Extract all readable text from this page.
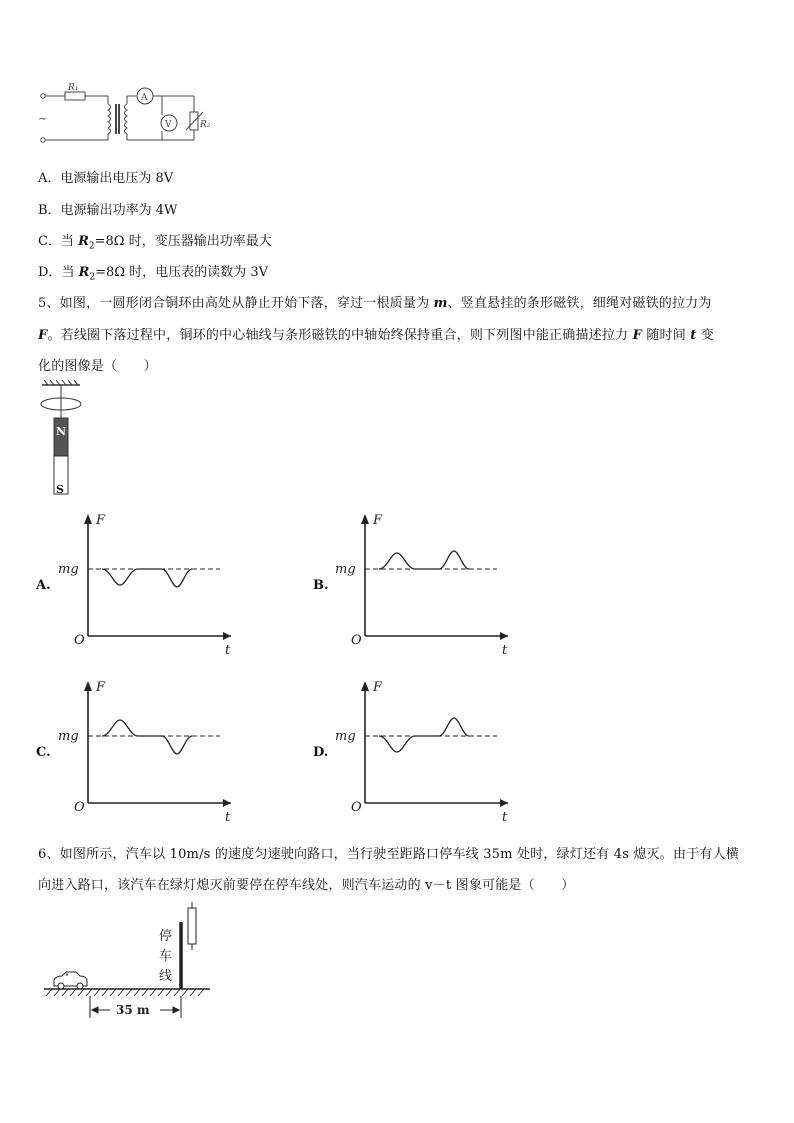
~
R₁
A
V	R₂
A．电源输出电压为 8V
B．电源输出功率为 4W
C．当 $R_2=8\Omega$ 时，变压器输出功率最大
D．当 $R_2=8\Omega$ 时，电压表的读数为 3V
5、如图，一圆形闭合铜环由高处从静止开始下落，穿过一根质量为 m、竖直悬挂的条形磁铁，细绳对磁铁的拉力为
F。若线圈下落过程中，铜环的中心轴线与条形磁铁的中轴始终保持重合，则下列图中能正确描述拉力 F 随时间 t 变
化的图像是（　　）
N
S
A.
F
t
O
mg
B.
F
t
O
mg
C.
F
t
O
mg
D.
F
t
O
mg
6、如图所示，汽车以 10m/s 的速度匀速驶向路口，当行驶至距路口停车线 35m 处时，绿灯还有 4s 熄灭。由于有人横
向进入路口，该汽车在绿灯熄灭前要停在停车线处，则汽车运动的 v－t 图象可能是（　　）
停 车 线
35 m
